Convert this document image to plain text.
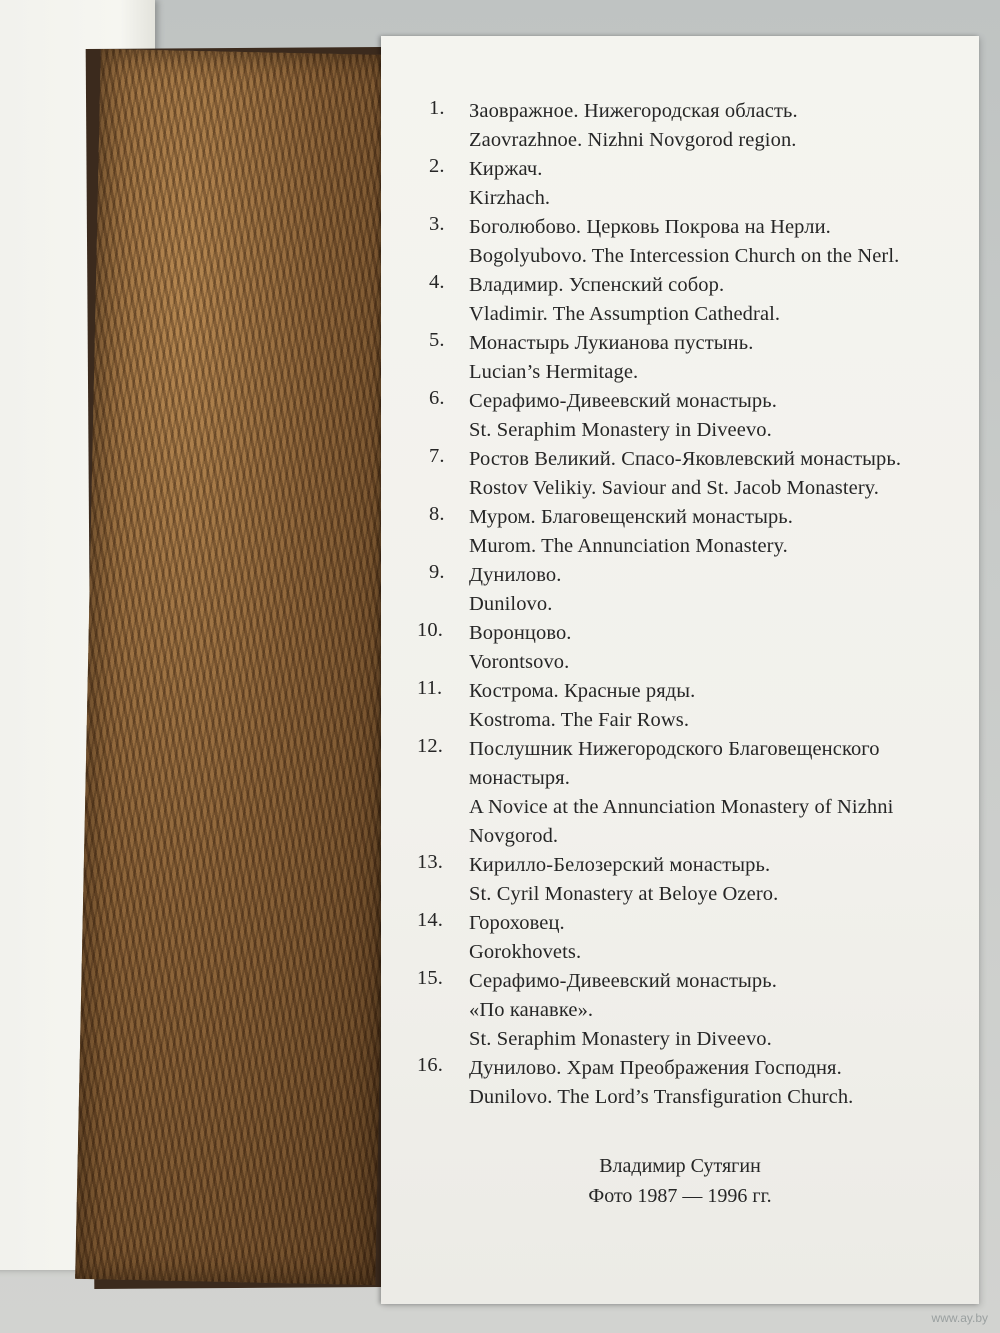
1.	Заовражное. Нижегородская область.
Zaovrazhnoe. Nizhni Novgorod region.
2.	Киржач.
Kirzhach.
3.	Боголюбово. Церковь Покрова на Нерли.
Bogolyubovo. The Intercession Church on the Nerl.
4.	Владимир. Успенский собор.
Vladimir. The Assumption Cathedral.
5.	Монастырь Лукианова пустынь.
Lucian’s Hermitage.
6.	Серафимо-Дивеевский монастырь.
St. Seraphim Monastery in Diveevo.
7.	Ростов Великий. Спасо-Яковлевский монастырь.
Rostov Velikiy. Saviour and St. Jacob Monastery.
8.	Муром. Благовещенский монастырь.
Murom. The Annunciation Monastery.
9.	Дунилово.
Dunilovo.
10.	Воронцово.
Vorontsovo.
11.	Кострома. Красные ряды.
Kostroma. The Fair Rows.
12.	Послушник Нижегородского Благовещенского
монастыря.
A Novice at the Annunciation Monastery of Nizhni
Novgorod.
13.	Кирилло-Белозерский монастырь.
St. Cyril Monastery at Beloye Ozero.
14.	Гороховец.
Gorokhovets.
15.	Серафимо-Дивеевский монастырь.
«По канавке».
St. Seraphim Monastery in Diveevo.
16.	Дунилово. Храм Преображения Господня.
Dunilovo. The Lord’s Transfiguration Church.
Владимир Сутягин
Фото 1987 — 1996 гг.
www.ay.by
